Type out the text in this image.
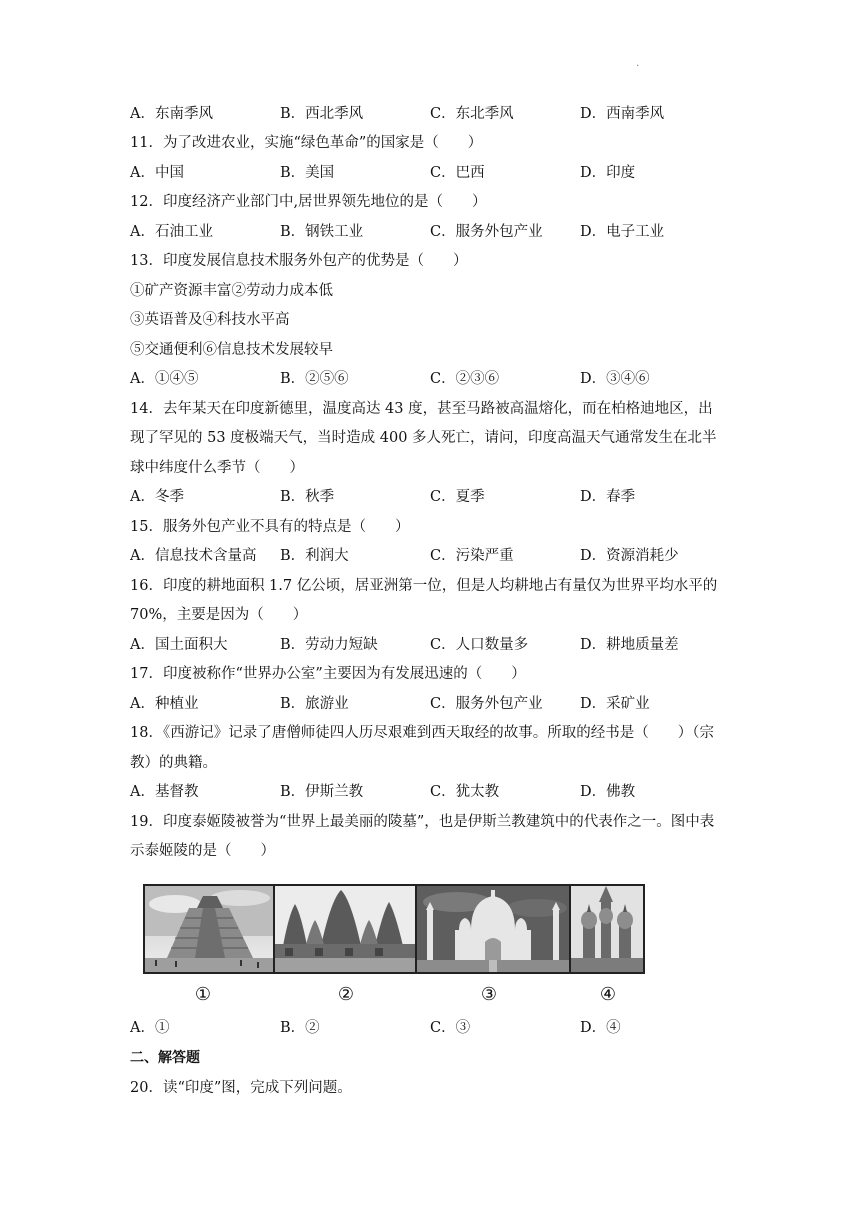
.
A．东南季风	B．西北季风	C．东北季风	D．西南季风
11．为了改进农业，实施“绿色革命”的国家是（　　）
A．中国	B．美国	C．巴西	D．印度
12．印度经济产业部门中,居世界领先地位的是（　　）
A．石油工业	B．钢铁工业	C．服务外包产业	D．电子工业
13．印度发展信息技术服务外包产的优势是（　　）
①矿产资源丰富②劳动力成本低
③英语普及④科技水平高
⑤交通便利⑥信息技术发展较早
A．①④⑤	B．②⑤⑥	C．②③⑥	D．③④⑥
14．去年某天在印度新德里，温度高达 43 度，甚至马路被高温熔化，而在柏格迪地区，出
现了罕见的 53 度极端天气，当时造成 400 多人死亡，请问，印度高温天气通常发生在北半
球中纬度什么季节（　　）
A．冬季	B．秋季	C．夏季	D．春季
15．服务外包产业不具有的特点是（　　）
A．信息技术含量高 B．利润大	C．污染严重	D．资源消耗少
16．印度的耕地面积 1.7 亿公顷，居亚洲第一位，但是人均耕地占有量仅为世界平均水平的
70%，主要是因为（　　）
A．国土面积大	B．劳动力短缺	C．人口数量多	D．耕地质量差
17．印度被称作“世界办公室”主要因为有发展迅速的（　　）
A．种植业	B．旅游业	C．服务外包产业	D．采矿业
18．《西游记》记录了唐僧师徒四人历尽艰难到西天取经的故事。所取的经书是（　　）（宗
教）的典籍。
A．基督教	B．伊斯兰教	C．犹太教	D．佛教
19．印度泰姬陵被誉为“世界上最美丽的陵墓”，也是伊斯兰教建筑中的代表作之一。图中表
示泰姬陵的是（　　）
①	②	③	④
A．①	B．②	C．③	D．④
二、解答题
20．读“印度”图，完成下列问题。
